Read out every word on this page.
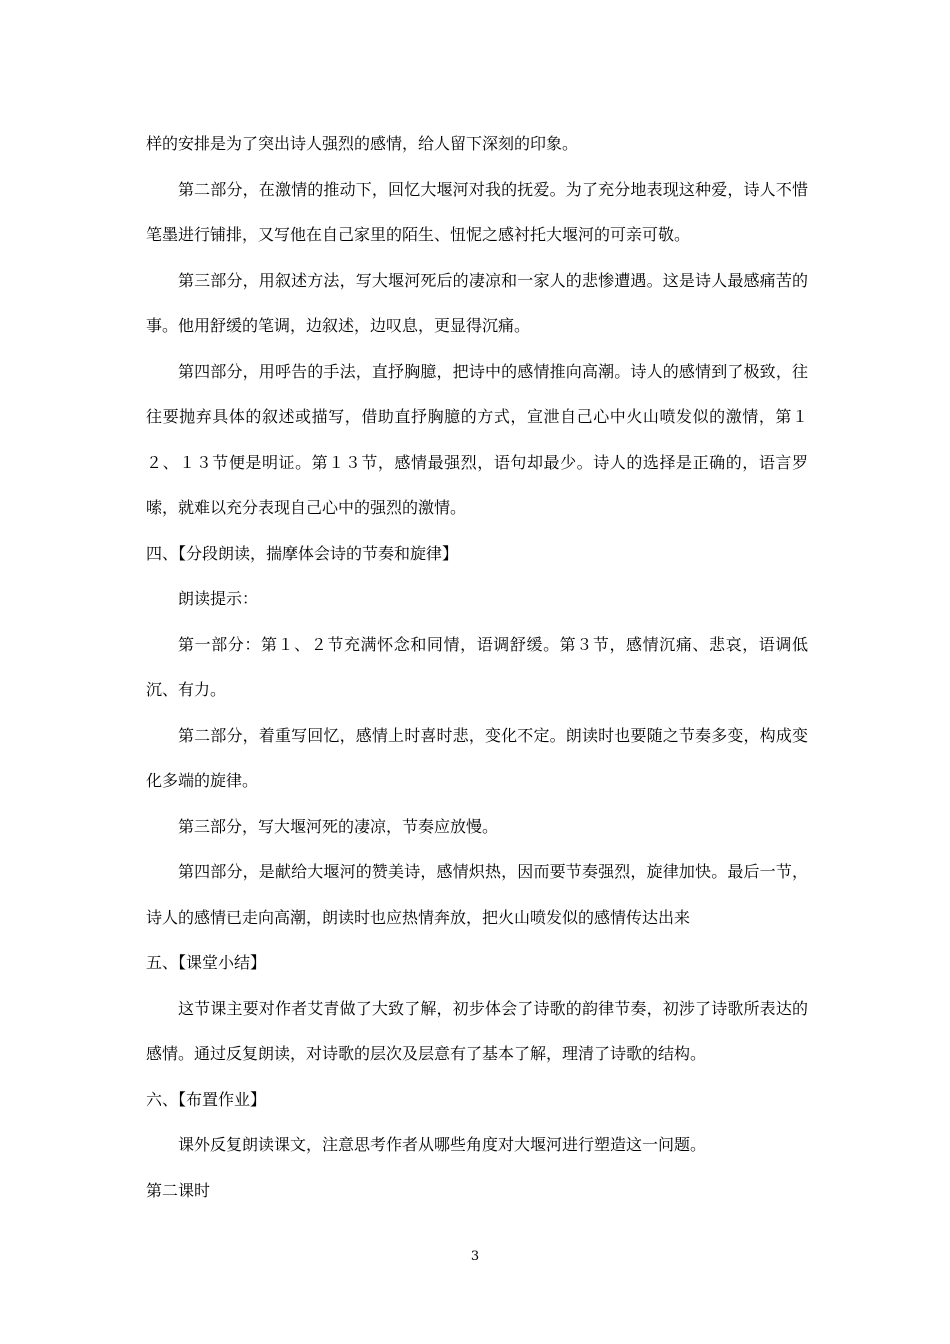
样的安排是为了突出诗人强烈的感情，给人留下深刻的印象。

第二部分，在激情的推动下，回忆大堰河对我的抚爱。为了充分地表现这种爱，诗人不惜笔墨进行铺排，又写他在自己家里的陌生、忸怩之感衬托大堰河的可亲可敬。

第三部分，用叙述方法，写大堰河死后的凄凉和一家人的悲惨遭遇。这是诗人最感痛苦的事。他用舒缓的笔调，边叙述，边叹息，更显得沉痛。

第四部分，用呼告的手法，直抒胸臆，把诗中的感情推向高潮。诗人的感情到了极致，往往要抛弃具体的叙述或描写，借助直抒胸臆的方式，宣泄自己心中火山喷发似的激情，第１２、１３节便是明证。第１３节，感情最强烈，语句却最少。诗人的选择是正确的，语言罗嗦，就难以充分表现自己心中的强烈的激情。

四、【分段朗读，揣摩体会诗的节奏和旋律】

朗读提示：

第一部分：第１、２节充满怀念和同情，语调舒缓。第３节，感情沉痛、悲哀，语调低沉、有力。

第二部分，着重写回忆，感情上时喜时悲，变化不定。朗读时也要随之节奏多变，构成变化多端的旋律。

第三部分，写大堰河死的凄凉，节奏应放慢。

第四部分，是献给大堰河的赞美诗，感情炽热，因而要节奏强烈，旋律加快。最后一节，诗人的感情已走向高潮，朗读时也应热情奔放，把火山喷发似的感情传达出来

五、【课堂小结】

这节课主要对作者艾青做了大致了解，初步体会了诗歌的韵律节奏，初涉了诗歌所表达的感情。通过反复朗读，对诗歌的层次及层意有了基本了解，理清了诗歌的结构。

六、【布置作业】

课外反复朗读课文，注意思考作者从哪些角度对大堰河进行塑造这一问题。

第二课时

3
